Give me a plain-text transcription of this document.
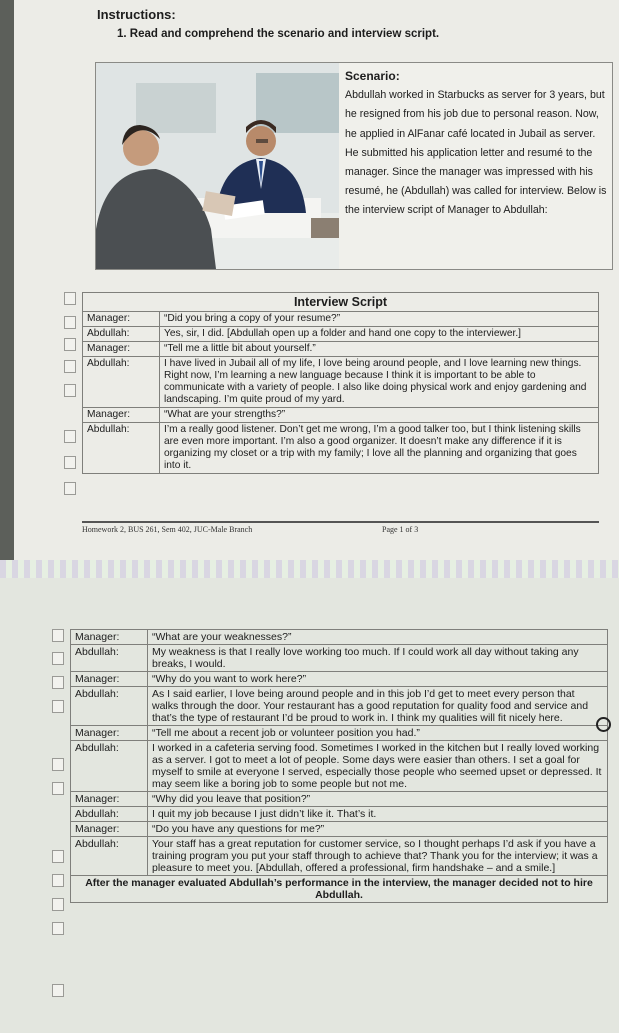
Instructions:
1. Read and comprehend the scenario and interview script.
Scenario:
Abdullah worked in Starbucks as server for 3 years, but he resigned from his job due to personal reason. Now, he applied in AlFanar café located in Jubail as server. He submitted his application letter and resumé to the manager. Since the manager was impressed with his resumé, he (Abdullah) was called for interview. Below is the interview script of Manager to Abdullah:
Interview Script	
Manager:	“Did you bring a copy of your resume?”
Abdullah:	Yes, sir, I did. [Abdullah open up a folder and hand one copy to the interviewer.]
Manager:	“Tell me a little bit about yourself.”
Abdullah:	I have lived in Jubail all of my life, I love being around people, and I love learning new things. Right now, I’m learning a new language because I think it is important to be able to communicate with a variety of people. I also like doing physical work and enjoy gardening and landscaping. I’m quite proud of my yard.
Manager:	“What are your strengths?”
Abdullah:	I’m a really good listener. Don’t get me wrong, I’m a good talker too, but I think listening skills are even more important. I’m also a good organizer. It doesn’t make any difference if it is organizing my closet or a trip with my family; I love all the planning and organizing that goes into it.
Homework 2, BUS 261, Sem 402, JUC-Male Branch	Page 1 of 3
Manager:	“What are your weaknesses?”
Abdullah:	My weakness is that I really love working too much. If I could work all day without taking any breaks, I would.
Manager:	“Why do you want to work here?”
Abdullah:	As I said earlier, I love being around people and in this job I’d get to meet every person that walks through the door. Your restaurant has a good reputation for quality food and service and that’s the type of restaurant I’d be proud to work in. I think my qualities will fit nicely here.
Manager:	“Tell me about a recent job or volunteer position you had.”
Abdullah:	I worked in a cafeteria serving food. Sometimes I worked in the kitchen but I really loved working as a server. I got to meet a lot of people. Some days were easier than others. I set a goal for myself to smile at everyone I served, especially those people who seemed upset or depressed. It may seem like a boring job to some people but not me.
Manager:	“Why did you leave that position?”
Abdullah:	I quit my job because I just didn’t like it. That’s it.
Manager:	“Do you have any questions for me?”
Abdullah:	Your staff has a great reputation for customer service, so I thought perhaps I’d ask if you have a training program you put your staff through to achieve that? Thank you for the interview; it was a pleasure to meet you. [Abdullah, offered a professional, firm handshake – and a smile.]
After the manager evaluated Abdullah’s performance in the interview, the manager decided not to hire Abdullah.	
